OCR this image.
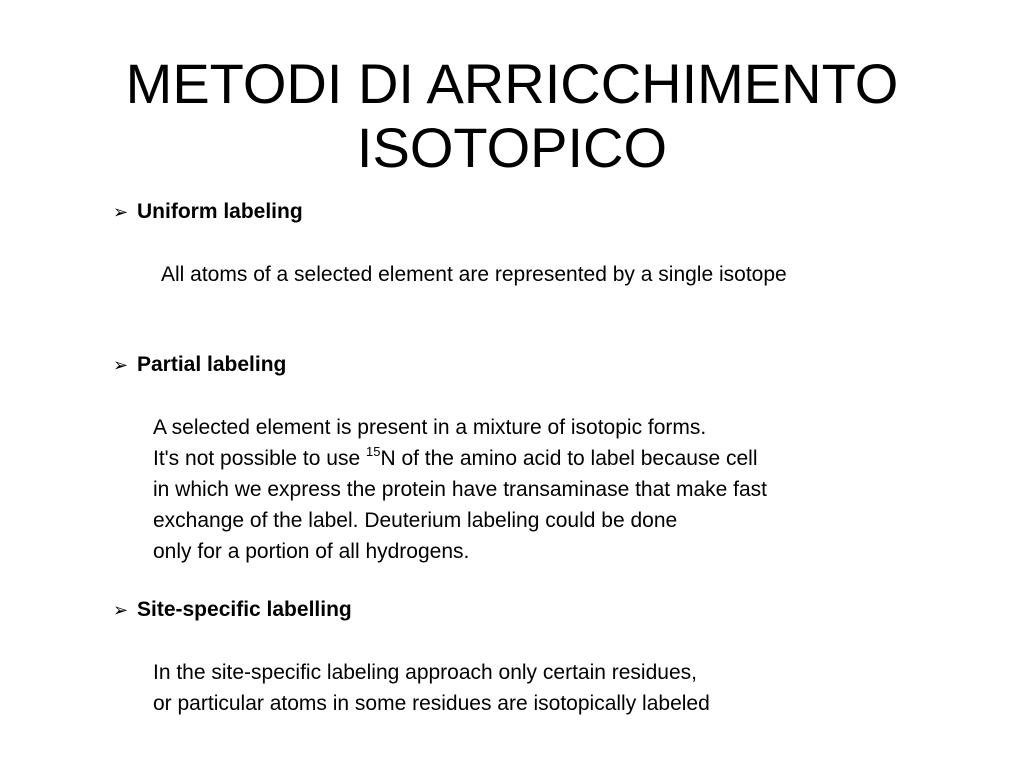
METODI DI ARRICCHIMENTO
ISOTOPICO
➢ Uniform labeling
All atoms of a selected element are represented by a single isotope
➢ Partial labeling
A selected element is present in a mixture of isotopic forms.
It's not possible to use $^{15}$N of the amino acid to label because cell
in which we express the protein have transaminase that make fast
exchange of the label. Deuterium labeling could be done
only for a portion of all hydrogens.
➢ Site-specific labelling
In the site-specific labeling approach only certain residues,
or particular atoms in some residues are isotopically labeled
